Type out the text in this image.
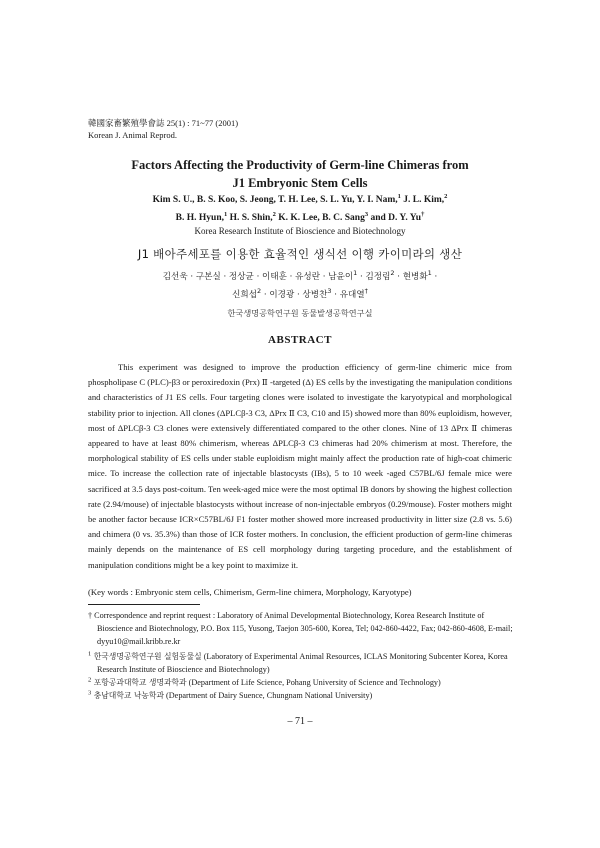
韓國家畜繁殖學會誌 25(1) : 71~77 (2001)
Korean J. Animal Reprod.
Factors Affecting the Productivity of Germ-line Chimeras from
J1 Embryonic Stem Cells
Kim S. U., B. S. Koo, S. Jeong, T. H. Lee, S. L. Yu, Y. I. Nam,$^1$ J. L. Kim,$^2$
B. H. Hyun,$^1$ H. S. Shin,$^2$ K. K. Lee, B. C. Sang$^3$ and D. Y. Yu†
Korea Research Institute of Bioscience and Biotechnology
J1 배아주세포를 이용한 효율적인 생식선 이행 카이미라의 생산
김선욱 · 구본실 · 정상균 · 이태훈 · 유성란 · 남윤이$^1$ · 김정림$^2$ · 현병화$^1$ ·
신희섭$^2$ · 이경광 · 상병찬$^3$ · 유대열†
한국생명공학연구원 동물발생공학연구실
ABSTRACT

This experiment was designed to improve the production efficiency of germ-line chimeric mice from phospholipase C (PLC)-β3 or peroxiredoxin (Prx) Ⅱ -targeted (Δ) ES cells by the investigating the manipulation conditions and characteristics of J1 ES cells. Four targeting clones were isolated to investigate the karyotypical and morphological stability prior to injection. All clones (ΔPLCβ-3 C3, ΔPrx Ⅱ C3, C10 and I5) showed more than 80% euploidism, however, most of ΔPLCβ-3 C3 clones were extensively differentiated compared to the other clones. Nine of 13 ΔPrx Ⅱ chimeras appeared to have at least 80% chimerism, whereas ΔPLCβ-3 C3 chimeras had 20% chimerism at most. Therefore, the morphological stability of ES cells under stable euploidism might mainly affect the production rate of high-coat chimeric mice. To increase the collection rate of injectable blastocysts (IBs), 5 to 10 week -aged C57BL/6J female mice were sacrificed at 3.5 days post-coitum. Ten week-aged mice were the most optimal IB donors by showing the highest collection rate (2.94/mouse) of injectable blastocysts without increase of non-injectable embryos (0.29/mouse). Foster mothers might be another factor because ICR×C57BL/6J F1 foster mother showed more increased productivity in litter size (2.8 vs. 5.6) and chimera (0 vs. 35.3%) than those of ICR foster mothers. In conclusion, the efficient production of germ-line chimeras mainly depends on the maintenance of ES cell morphology during targeting procedure, and the establishment of manipulation conditions might be a key point to maximize it.

(Key words : Embryonic stem cells, Chimerism, Germ-line chimera, Morphology, Karyotype)
† Correspondence and reprint request : Laboratory of Animal Developmental Biotechnology, Korea Research Institute of Bioscience and Biotechnology, P.O. Box 115, Yusong, Taejon 305-600, Korea, Tel; 042-860-4422, Fax; 042-860-4608, E-mail; dyyu10@mail.kribb.re.kr
$^1$ 한국생명공학연구원 실험동물실 (Laboratory of Experimental Animal Resources, ICLAS Monitoring Subcenter Korea, Korea Research Institute of Bioscience and Biotechnology)
$^2$ 포항공과대학교 생명과학과 (Department of Life Science, Pohang University of Science and Technology)
$^3$ 충남대학교 낙농학과 (Department of Dairy Suence, Chungnam National University)
– 71 –
